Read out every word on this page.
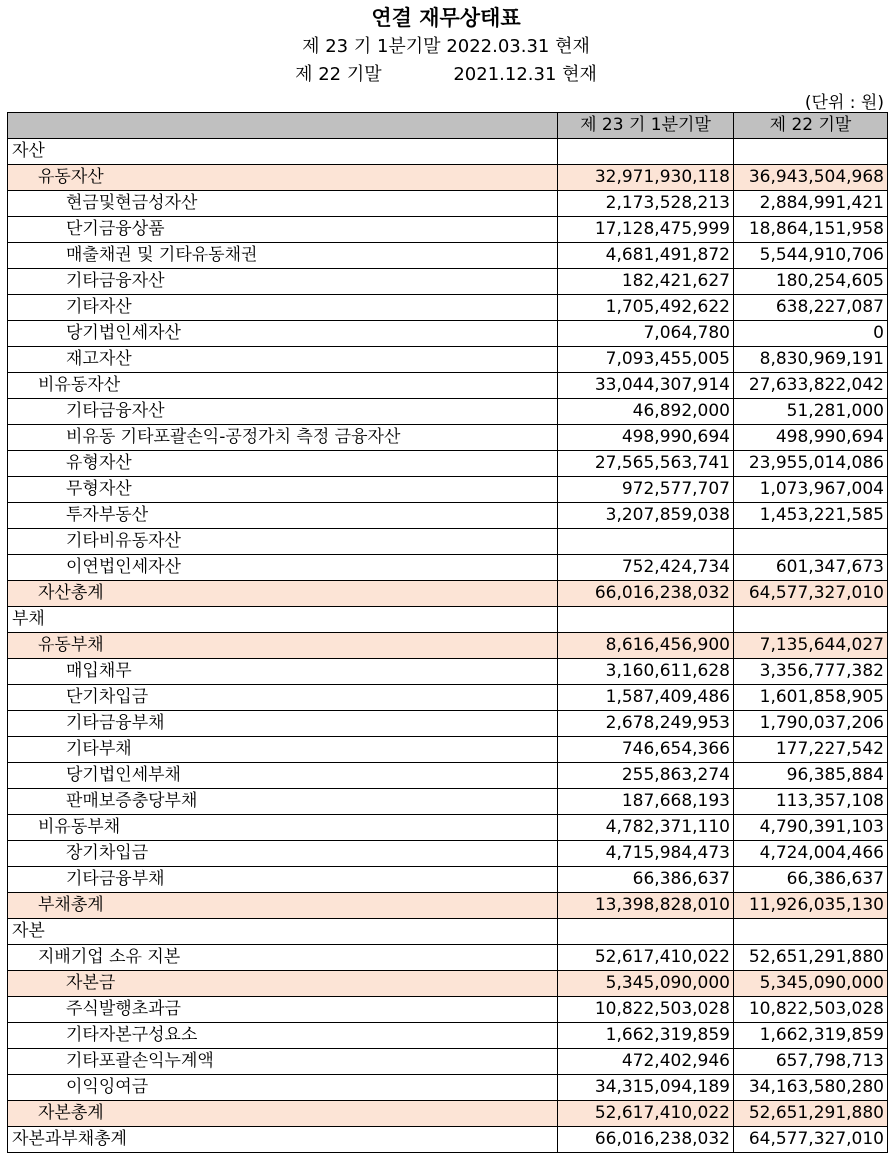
연결 재무상태표
제 23 기 1분기말 2022.03.31 현재
제 22 기말	2021.12.31 현재
(단위 : 원)
	제 23 기 1분기말	제 22 기말
자산		
유동자산	32,971,930,118	36,943,504,968
현금및현금성자산	2,173,528,213	2,884,991,421
단기금융상품	17,128,475,999	18,864,151,958
매출채권 및 기타유동채권	4,681,491,872	5,544,910,706
기타금융자산	182,421,627	180,254,605
기타자산	1,705,492,622	638,227,087
당기법인세자산	7,064,780	0
재고자산	7,093,455,005	8,830,969,191
비유동자산	33,044,307,914	27,633,822,042
기타금융자산	46,892,000	51,281,000
비유동 기타포괄손익-공정가치 측정 금융자산	498,990,694	498,990,694
유형자산	27,565,563,741	23,955,014,086
무형자산	972,577,707	1,073,967,004
투자부동산	3,207,859,038	1,453,221,585
기타비유동자산		
이연법인세자산	752,424,734	601,347,673
자산총계	66,016,238,032	64,577,327,010
부채		
유동부채	8,616,456,900	7,135,644,027
매입채무	3,160,611,628	3,356,777,382
단기차입금	1,587,409,486	1,601,858,905
기타금융부채	2,678,249,953	1,790,037,206
기타부채	746,654,366	177,227,542
당기법인세부채	255,863,274	96,385,884
판매보증충당부채	187,668,193	113,357,108
비유동부채	4,782,371,110	4,790,391,103
장기차입금	4,715,984,473	4,724,004,466
기타금융부채	66,386,637	66,386,637
부채총계	13,398,828,010	11,926,035,130
자본		
지배기업 소유 지본	52,617,410,022	52,651,291,880
자본금	5,345,090,000	5,345,090,000
주식발행초과금	10,822,503,028	10,822,503,028
기타자본구성요소	1,662,319,859	1,662,319,859
기타포괄손익누계액	472,402,946	657,798,713
이익잉여금	34,315,094,189	34,163,580,280
자본총계	52,617,410,022	52,651,291,880
자본과부채총계	66,016,238,032	64,577,327,010
